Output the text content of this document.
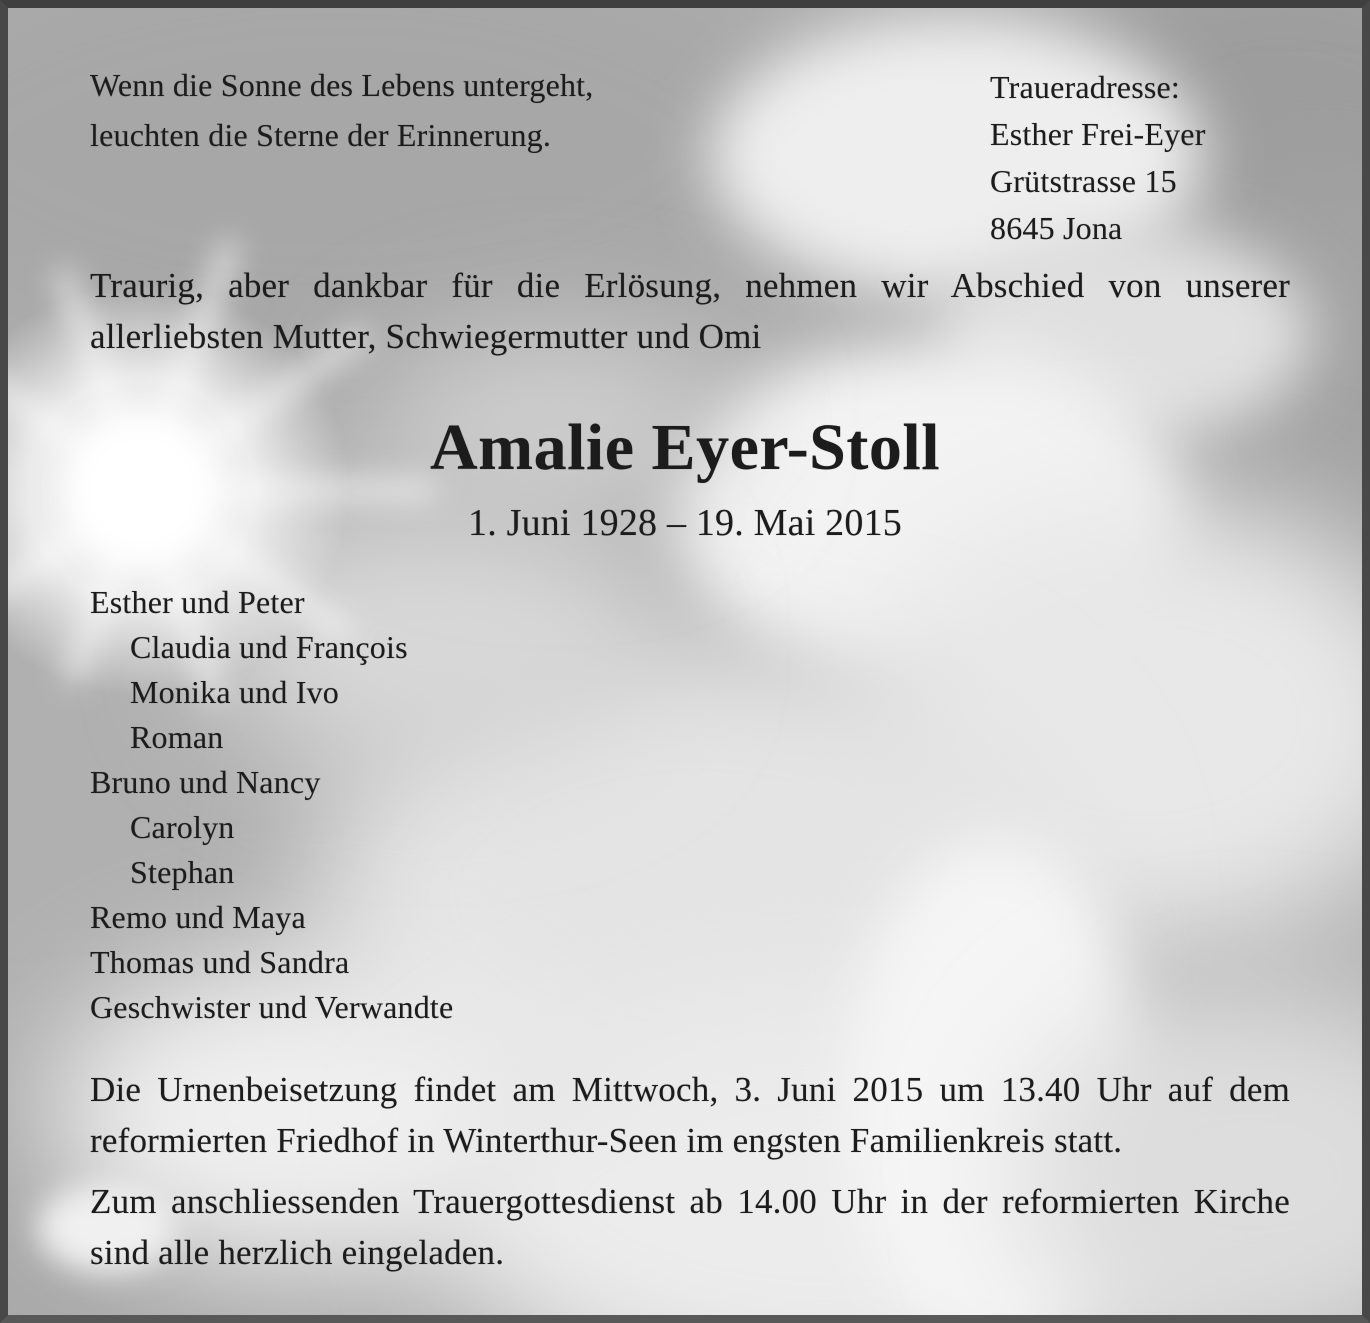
Wenn die Sonne des Lebens untergeht,
leuchten die Sterne der Erinnerung.
Traueradresse:
Esther Frei-Eyer
Grütstrasse 15
8645 Jona

Traurig, aber dankbar für die Erlösung, nehmen wir Abschied von unserer allerliebsten Mutter, Schwiegermutter und Omi

Amalie Eyer-Stoll
1. Juni 1928 – 19. Mai 2015
Esther und Peter
Claudia und François
Monika und Ivo
Roman
Bruno und Nancy
Carolyn
Stephan
Remo und Maya
Thomas und Sandra
Geschwister und Verwandte

Die Urnenbeisetzung findet am Mittwoch, 3. Juni 2015 um 13.40 Uhr auf dem reformierten Friedhof in Winterthur-Seen im engsten Familienkreis statt.

Zum anschliessenden Trauergottesdienst ab 14.00 Uhr in der reformierten Kirche sind alle herzlich eingeladen.
